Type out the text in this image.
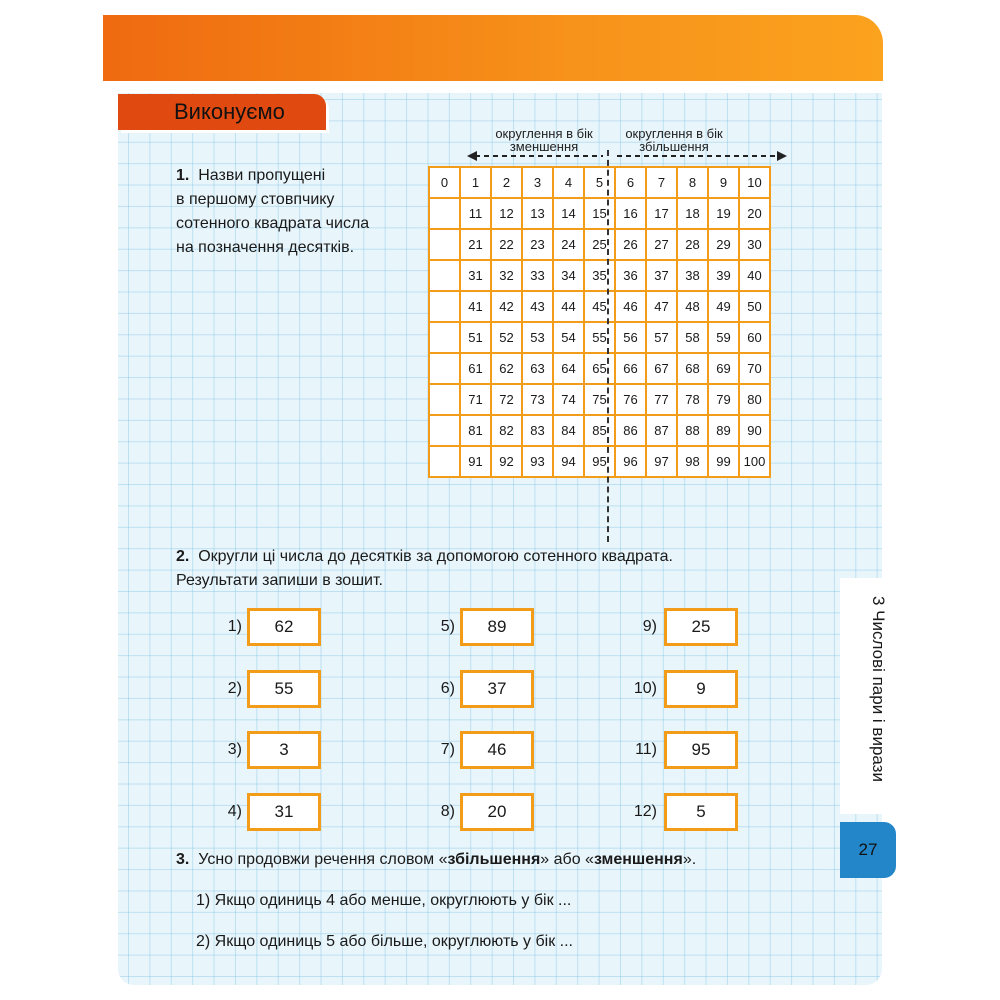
Виконуємо
округлення в бік зменшення
округлення в бік збільшення
1. Назви пропущені
в першому стовпчику
сотенного квадрата числа
на позначення десятків.
0	1	2	3	4	5	6	7	8	9	10
	11	12	13	14	15	16	17	18	19	20
	21	22	23	24	25	26	27	28	29	30
	31	32	33	34	35	36	37	38	39	40
	41	42	43	44	45	46	47	48	49	50
	51	52	53	54	55	56	57	58	59	60
	61	62	63	64	65	66	67	68	69	70
	71	72	73	74	75	76	77	78	79	80
	81	82	83	84	85	86	87	88	89	90
	91	92	93	94	95	96	97	98	99	100
2. Округли ці числа до десятків за допомогою сотенного квадрата.
Результати запиши в зошит.
1)	62
2)	55
3)	3
4)	31
5)	89
6)	37
7)	46
8)	20
9)	25
10)	9
11)	95
12)	5
3. Усно продовжи речення словом «збільшення» або «зменшення».
1) Якщо одиниць 4 або менше, округлюють у бік ...
2) Якщо одиниць 5 або більше, округлюють у бік ...
3 Числові пари і вирази
27
